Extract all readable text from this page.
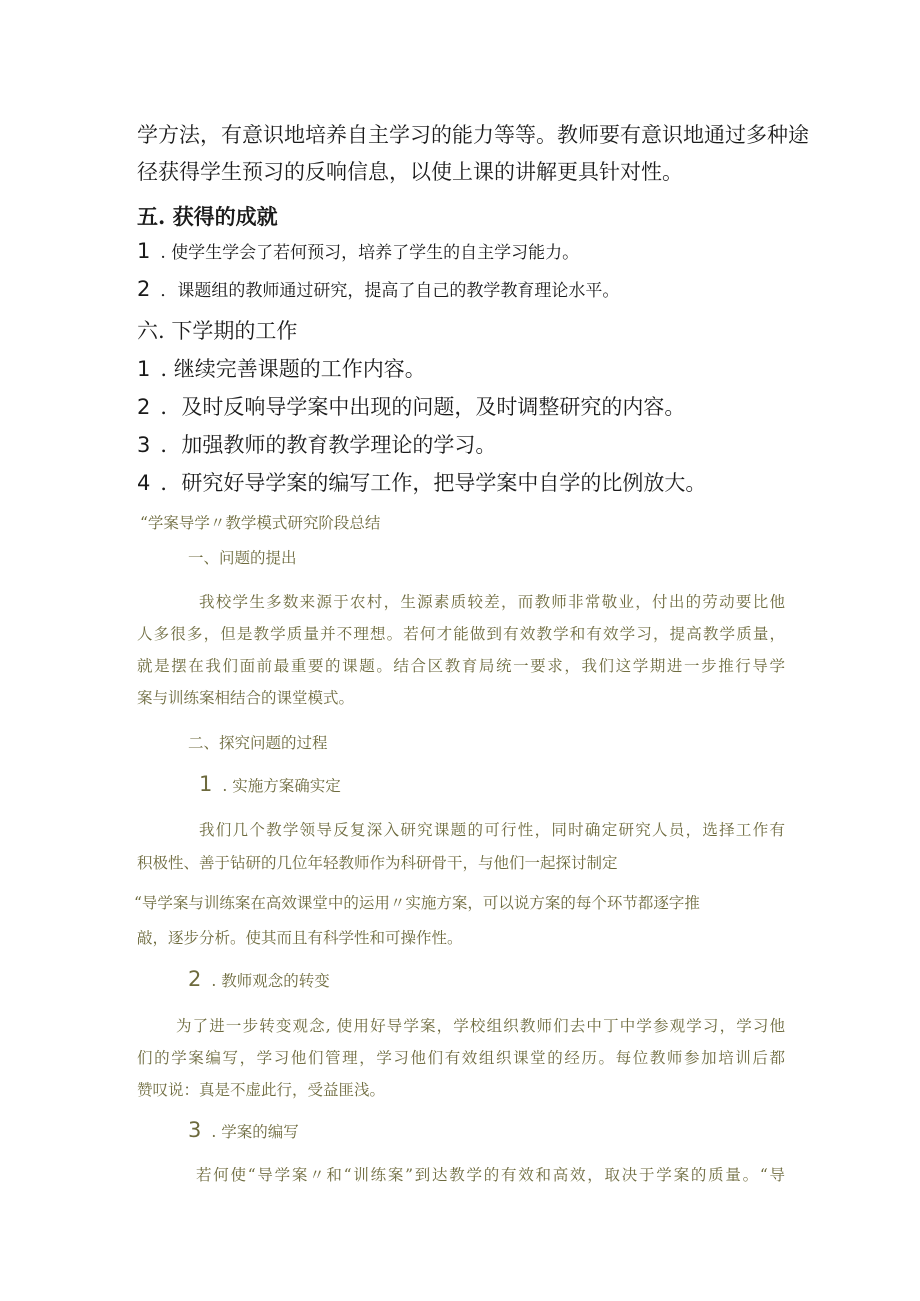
学方法，有意识地培养自主学习的能力等等。教师要有意识地通过多种途

径获得学生预习的反响信息，以使上课的讲解更具针对性。

五. 获得的成就

1 . 使学生学会了若何预习，培养了学生的自主学习能力。

2 ．课题组的教师通过研究，提高了自己的教学教育理论水平。

六. 下学期的工作

1 . 继续完善课题的工作内容。

2 ．及时反响导学案中出现的问题，及时调整研究的内容。

3 ．加强教师的教育教学理论的学习。

4 ．研究好导学案的编写工作，把导学案中自学的比例放大。

“学案导学〃教学模式研究阶段总结

一、问题的提出

我校学生多数来源于农村，生源素质较差，而教师非常敬业，付出的劳动要比他

人多很多，但是教学质量并不理想。若何才能做到有效教学和有效学习，提高教学质量，

就是摆在我们面前最重要的课题。结合区教育局统一要求，我们这学期进一步推行导学

案与训练案相结合的课堂模式。

二、探究问题的过程

1 . 实施方案确实定

我们几个教学领导反复深入研究课题的可行性，同时确定研究人员，选择工作有

积极性、善于钻研的几位年轻教师作为科研骨干，与他们一起探讨制定

“导学案与训练案在高效课堂中的运用〃实施方案，可以说方案的每个环节都逐字推

敲，逐步分析。使其而且有科学性和可操作性。

2 . 教师观念的转变

为了进一步转变观念, 使用好导学案，学校组织教师们去中丁中学参观学习，学习他

们的学案编写，学习他们管理，学习他们有效组织课堂的经历。每位教师参加培训后都

赞叹说：真是不虚此行，受益匪浅。

3 . 学案的编写

若何使“导学案〃和“训练案”到达教学的有效和高效，取决于学案的质量。“导
